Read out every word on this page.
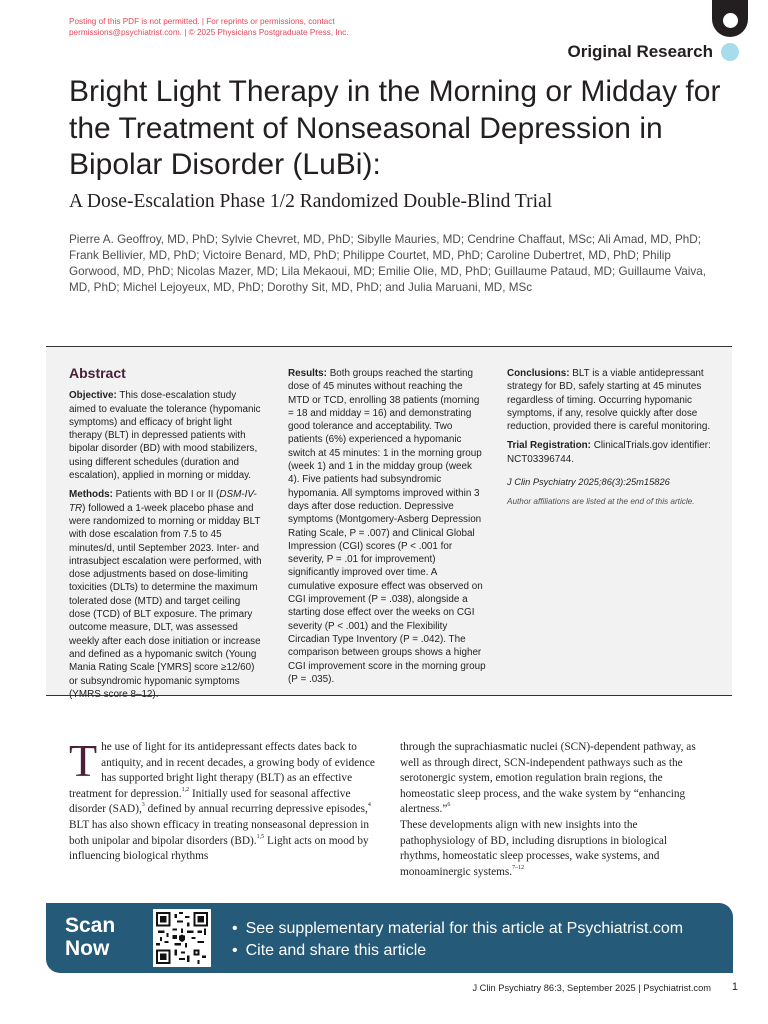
Posting of this PDF is not permitted. | For reprints or permissions, contact
permissions@psychiatrist.com. | © 2025 Physicians Postgraduate Press, Inc.
Original Research
Bright Light Therapy in the Morning or Midday for the Treatment of Nonseasonal Depression in Bipolar Disorder (LuBi):
A Dose-Escalation Phase 1/2 Randomized Double-Blind Trial
Pierre A. Geoffroy, MD, PhD; Sylvie Chevret, MD, PhD; Sibylle Mauries, MD; Cendrine Chaffaut, MSc; Ali Amad, MD, PhD; Frank Bellivier, MD, PhD; Victoire Benard, MD, PhD; Philippe Courtet, MD, PhD; Caroline Dubertret, MD, PhD; Philip Gorwood, MD, PhD; Nicolas Mazer, MD; Lila Mekaoui, MD; Emilie Olie, MD, PhD; Guillaume Pataud, MD; Guillaume Vaiva, MD, PhD; Michel Lejoyeux, MD, PhD; Dorothy Sit, MD, PhD; and Julia Maruani, MD, MSc
Abstract

Objective: This dose-escalation study aimed to evaluate the tolerance (hypomanic symptoms) and efficacy of bright light therapy (BLT) in depressed patients with bipolar disorder (BD) with mood stabilizers, using different schedules (duration and escalation), applied in morning or midday.

Methods: Patients with BD I or II (DSM-IV-TR) followed a 1-week placebo phase and were randomized to morning or midday BLT with dose escalation from 7.5 to 45 minutes/d, until September 2023. Inter- and intrasubject escalation were performed, with dose adjustments based on dose-limiting toxicities (DLTs) to determine the maximum tolerated dose (MTD) and target ceiling dose (TCD) of BLT exposure. The primary outcome measure, DLT, was assessed weekly after each dose initiation or increase and defined as a hypomanic switch (Young Mania Rating Scale [YMRS] score ≥12/60) or subsyndromic hypomanic symptoms (YMRS score 8–12).

Results: Both groups reached the starting dose of 45 minutes without reaching the MTD or TCD, enrolling 38 patients (morning = 18 and midday = 16) and demonstrating good tolerance and acceptability. Two patients (6%) experienced a hypomanic switch at 45 minutes: 1 in the morning group (week 1) and 1 in the midday group (week 4). Five patients had subsyndromic hypomania. All symptoms improved within 3 days after dose reduction. Depressive symptoms (Montgomery-Asberg Depression Rating Scale, P = .007) and Clinical Global Impression (CGI) scores (P < .001 for severity, P = .01 for improvement) significantly improved over time. A cumulative exposure effect was observed on CGI improvement (P = .038), alongside a starting dose effect over the weeks on CGI severity (P < .001) and the Flexibility Circadian Type Inventory (P = .042). The comparison between groups shows a higher CGI improvement score in the morning group (P = .035).

Conclusions: BLT is a viable antidepressant strategy for BD, safely starting at 45 minutes regardless of timing. Occurring hypomanic symptoms, if any, resolve quickly after dose reduction, provided there is careful monitoring.

Trial Registration: ClinicalTrials.gov identifier: NCT03396744.

J Clin Psychiatry 2025;86(3):25m15826
Author affiliations are listed at the end of this article.
The use of light for its antidepressant effects dates back to antiquity, and in recent decades, a growing body of evidence has supported bright light therapy (BLT) as an effective treatment for depression.$^{1,2}$ Initially used for seasonal affective disorder (SAD),$^3$ defined by annual recurring depressive episodes,$^4$ BLT has also shown efficacy in treating nonseasonal depression in both unipolar and bipolar disorders (BD).$^{1,5}$ Light acts on mood by influencing biological rhythms
through the suprachiasmatic nuclei (SCN)-dependent pathway, as well as through direct, SCN-independent pathways such as the serotonergic system, emotion regulation brain regions, the homeostatic sleep process, and the wake system by “enhancing alertness.”$^6$
These developments align with new insights into the pathophysiology of BD, including disruptions in biological rhythms, homeostatic sleep processes, wake systems, and monoaminergic systems.$^{7-12}$
Scan Now
• See supplementary material for this article at Psychiatrist.com
• Cite and share this article
J Clin Psychiatry 86:3, September 2025 | Psychiatrist.com 1
